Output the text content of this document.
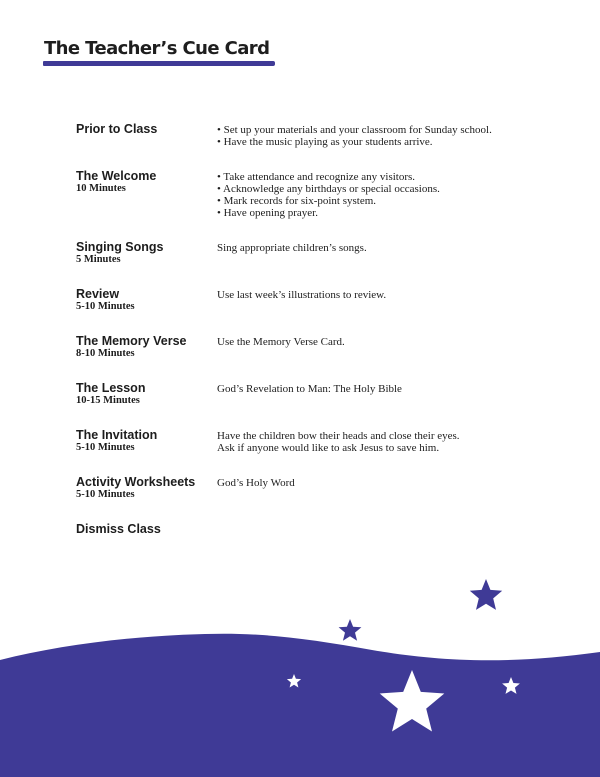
The Teacher’s Cue Card
Prior to Class	• Set up your materials and your classroom for Sunday school.
• Have the music playing as your students arrive.
The Welcome
10 Minutes
• Take attendance and recognize any visitors.
• Acknowledge any birthdays or special occasions.
• Mark records for six-point system.
• Have opening prayer.
Singing Songs
5 Minutes
Sing appropriate children’s songs.
Review
5-10 Minutes
Use last week’s illustrations to review.
The Memory Verse
8-10 Minutes
Use the Memory Verse Card.
The Lesson
10-15 Minutes
God’s Revelation to Man: The Holy Bible
The Invitation
5-10 Minutes
Have the children bow their heads and close their eyes.
Ask if anyone would like to ask Jesus to save him.
Activity Worksheets
5-10 Minutes
God’s Holy Word
Dismiss Class
